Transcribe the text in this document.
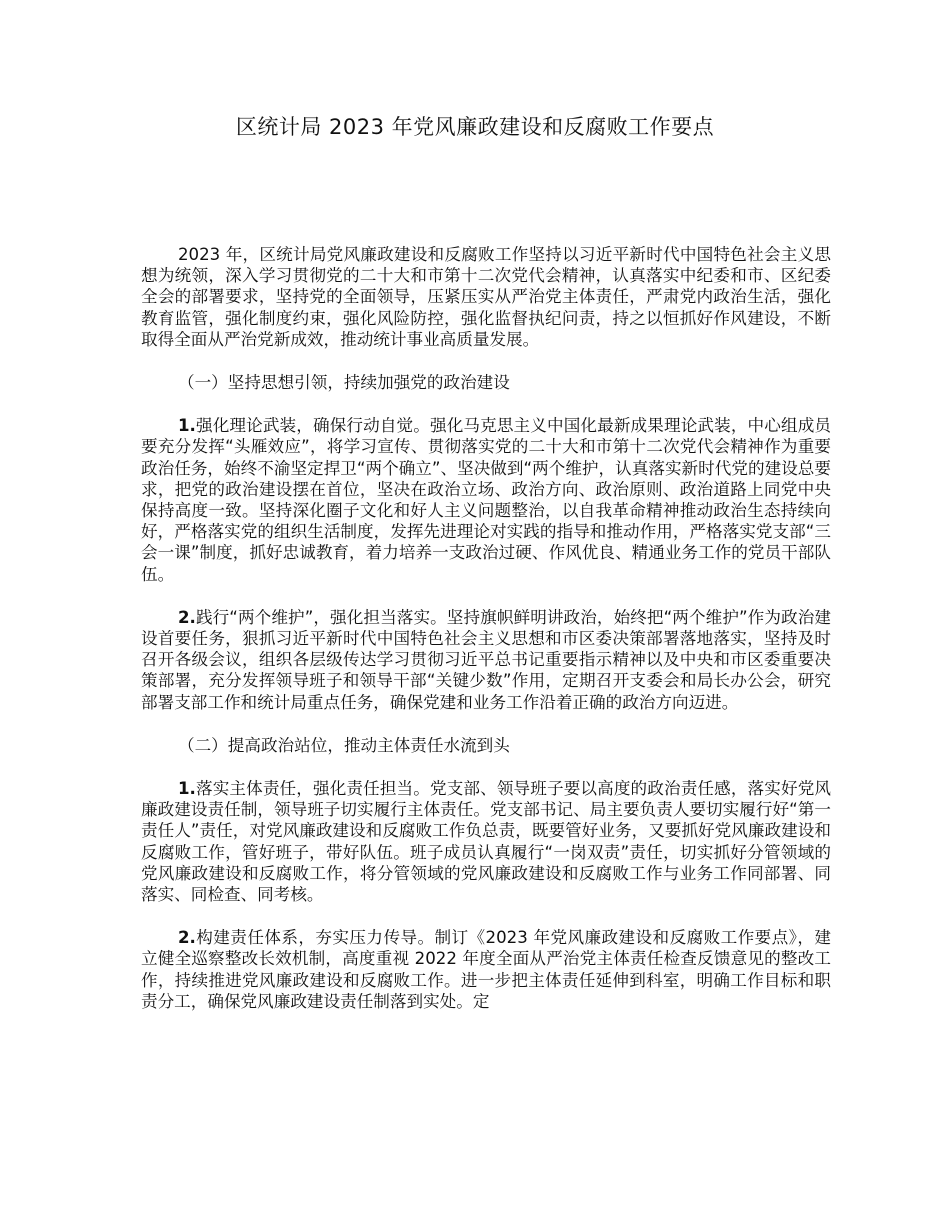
区统计局 2023 年党风廉政建设和反腐败工作要点

2023 年，区统计局党风廉政建设和反腐败工作坚持以习近平新时代中国特色社会主义思想为统领，深入学习贯彻党的二十大和市第十二次党代会精神，认真落实中纪委和市、区纪委全会的部署要求，坚持党的全面领导，压紧压实从严治党主体责任，严肃党内政治生活，强化教育监管，强化制度约束，强化风险防控，强化监督执纪问责，持之以恒抓好作风建设，不断取得全面从严治党新成效，推动统计事业高质量发展。

（一）坚持思想引领，持续加强党的政治建设

1.强化理论武装，确保行动自觉。强化马克思主义中国化最新成果理论武装，中心组成员要充分发挥“头雁效应”，将学习宣传、贯彻落实党的二十大和市第十二次党代会精神作为重要政治任务，始终不渝坚定捍卫“两个确立”、坚决做到“两个维护，认真落实新时代党的建设总要求，把党的政治建设摆在首位，坚决在政治立场、政治方向、政治原则、政治道路上同党中央保持高度一致。坚持深化圈子文化和好人主义问题整治，以自我革命精神推动政治生态持续向好，严格落实党的组织生活制度，发挥先进理论对实践的指导和推动作用，严格落实党支部“三会一课”制度，抓好忠诚教育，着力培养一支政治过硬、作风优良、精通业务工作的党员干部队伍。

2.践行“两个维护”，强化担当落实。坚持旗帜鲜明讲政治，始终把“两个维护”作为政治建设首要任务，狠抓习近平新时代中国特色社会主义思想和市区委决策部署落地落实，坚持及时召开各级会议，组织各层级传达学习贯彻习近平总书记重要指示精神以及中央和市区委重要决策部署，充分发挥领导班子和领导干部“关键少数”作用，定期召开支委会和局长办公会，研究部署支部工作和统计局重点任务，确保党建和业务工作沿着正确的政治方向迈进。

（二）提高政治站位，推动主体责任水流到头

1.落实主体责任，强化责任担当。党支部、领导班子要以高度的政治责任感，落实好党风廉政建设责任制，领导班子切实履行主体责任。党支部书记、局主要负责人要切实履行好“第一责任人”责任，对党风廉政建设和反腐败工作负总责，既要管好业务，又要抓好党风廉政建设和反腐败工作，管好班子，带好队伍。班子成员认真履行“一岗双责”责任，切实抓好分管领域的党风廉政建设和反腐败工作，将分管领域的党风廉政建设和反腐败工作与业务工作同部署、同落实、同检查、同考核。

2.构建责任体系，夯实压力传导。制订《2023 年党风廉政建设和反腐败工作要点》，建立健全巡察整改长效机制，高度重视 2022 年度全面从严治党主体责任检查反馈意见的整改工作，持续推进党风廉政建设和反腐败工作。进一步把主体责任延伸到科室，明确工作目标和职责分工，确保党风廉政建设责任制落到实处。定
